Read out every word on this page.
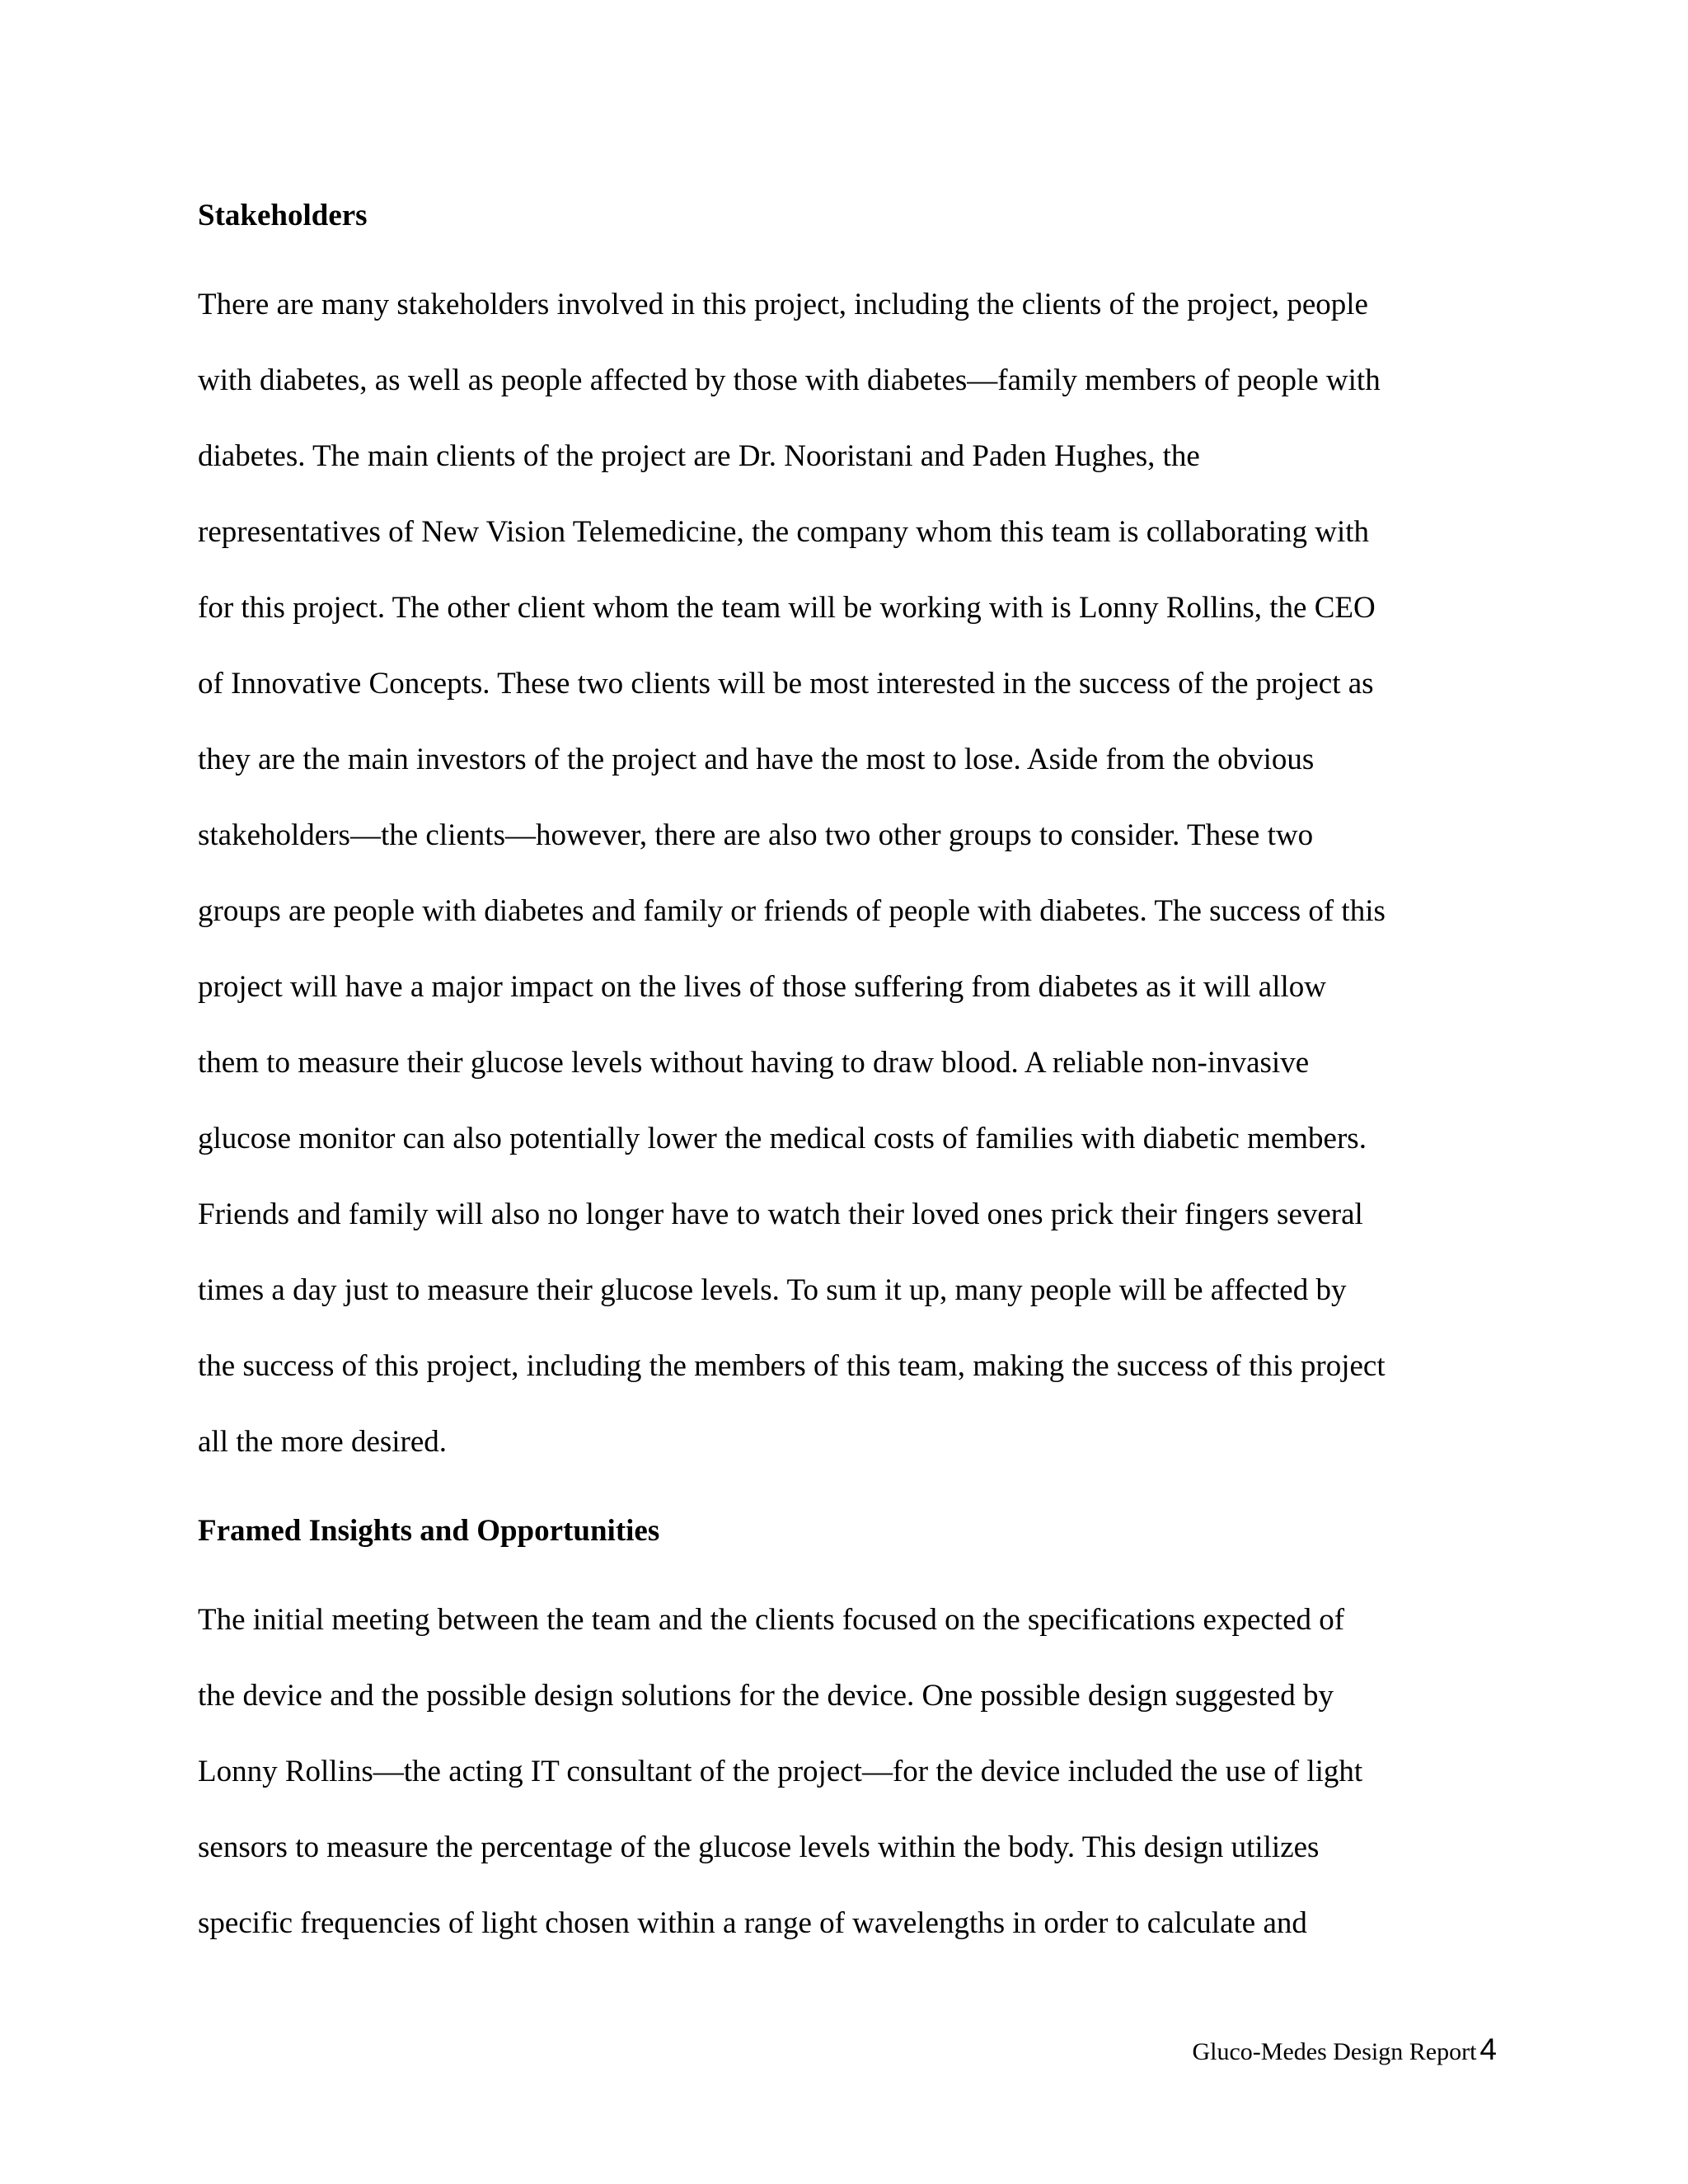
Stakeholders
There are many stakeholders involved in this project, including the clients of the project, people
with diabetes, as well as people affected by those with diabetes—family members of people with
diabetes. The main clients of the project are Dr. Nooristani and Paden Hughes, the
representatives of New Vision Telemedicine, the company whom this team is collaborating with
for this project. The other client whom the team will be working with is Lonny Rollins, the CEO
of Innovative Concepts. These two clients will be most interested in the success of the project as
they are the main investors of the project and have the most to lose. Aside from the obvious
stakeholders—the clients—however, there are also two other groups to consider. These two
groups are people with diabetes and family or friends of people with diabetes. The success of this
project will have a major impact on the lives of those suffering from diabetes as it will allow
them to measure their glucose levels without having to draw blood. A reliable non-invasive
glucose monitor can also potentially lower the medical costs of families with diabetic members.
Friends and family will also no longer have to watch their loved ones prick their fingers several
times a day just to measure their glucose levels. To sum it up, many people will be affected by
the success of this project, including the members of this team, making the success of this project
all the more desired.
Framed Insights and Opportunities
The initial meeting between the team and the clients focused on the specifications expected of
the device and the possible design solutions for the device. One possible design suggested by
Lonny Rollins—the acting IT consultant of the project—for the device included the use of light
sensors to measure the percentage of the glucose levels within the body. This design utilizes
specific frequencies of light chosen within a range of wavelengths in order to calculate and
Gluco-Medes Design Report 4
